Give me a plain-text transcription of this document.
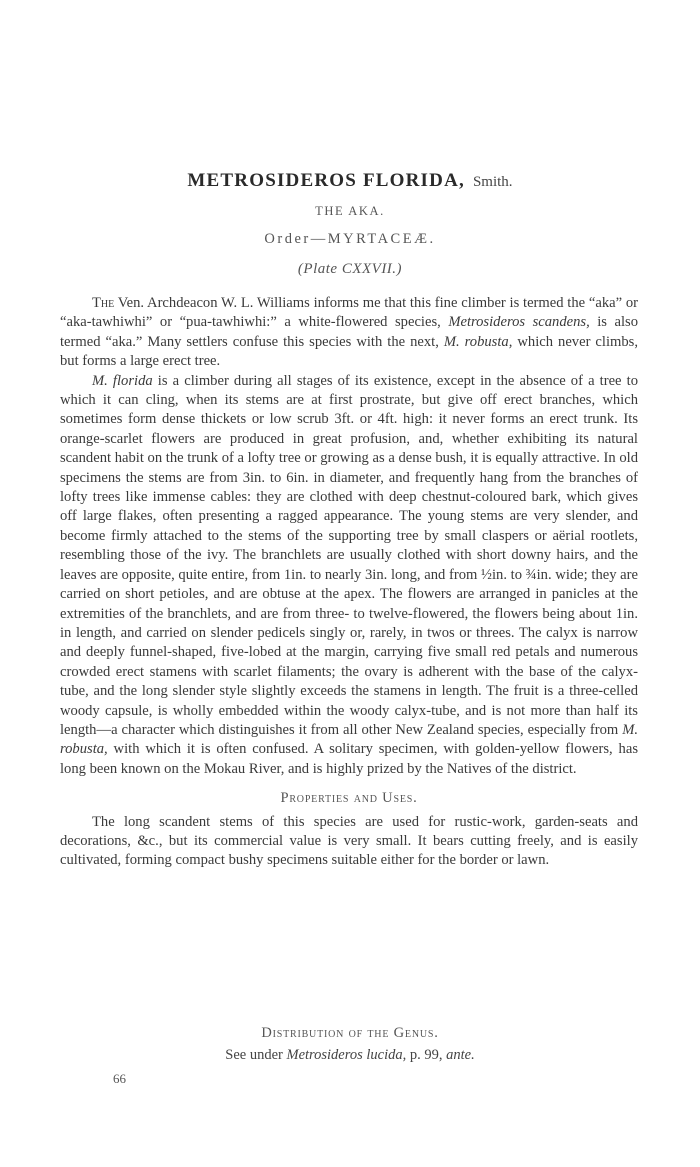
METROSIDEROS FLORIDA, Smith.
THE AKA.
Order—MYRTACEÆ.
(Plate CXXVII.)

The Ven. Archdeacon W. L. Williams informs me that this fine climber is termed the “aka” or “aka-tawhiwhi” or “pua-tawhiwhi:” a white-flowered species, Metrosideros scandens, is also termed “aka.” Many settlers confuse this species with the next, M. robusta, which never climbs, but forms a large erect tree.

M. florida is a climber during all stages of its existence, except in the absence of a tree to which it can cling, when its stems are at first prostrate, but give off erect branches, which sometimes form dense thickets or low scrub 3ft. or 4ft. high: it never forms an erect trunk. Its orange-scarlet flowers are produced in great profusion, and, whether exhibiting its natural scandent habit on the trunk of a lofty tree or growing as a dense bush, it is equally attractive. In old specimens the stems are from 3in. to 6in. in diameter, and frequently hang from the branches of lofty trees like immense cables: they are clothed with deep chestnut-coloured bark, which gives off large flakes, often presenting a ragged appearance. The young stems are very slender, and become firmly attached to the stems of the supporting tree by small claspers or aërial rootlets, resembling those of the ivy. The branchlets are usually clothed with short downy hairs, and the leaves are opposite, quite entire, from 1in. to nearly 3in. long, and from ½in. to ¾in. wide; they are carried on short petioles, and are obtuse at the apex. The flowers are arranged in panicles at the extremities of the branchlets, and are from three- to twelve-flowered, the flowers being about 1in. in length, and carried on slender pedicels singly or, rarely, in twos or threes. The calyx is narrow and deeply funnel-shaped, five-lobed at the margin, carrying five small red petals and numerous crowded erect stamens with scarlet filaments; the ovary is adherent with the base of the calyx-tube, and the long slender style slightly exceeds the stamens in length. The fruit is a three-celled woody capsule, is wholly embedded within the woody calyx-tube, and is not more than half its length—a character which distinguishes it from all other New Zealand species, especially from M. robusta, with which it is often confused. A solitary specimen, with golden-yellow flowers, has long been known on the Mokau River, and is highly prized by the Natives of the district.

Properties and Uses.

The long scandent stems of this species are used for rustic-work, garden-seats and decorations, &c., but its commercial value is very small. It bears cutting freely, and is easily cultivated, forming compact bushy specimens suitable either for the border or lawn.

Distribution of the Genus.
See under Metrosideros lucida, p. 99, ante.
66
